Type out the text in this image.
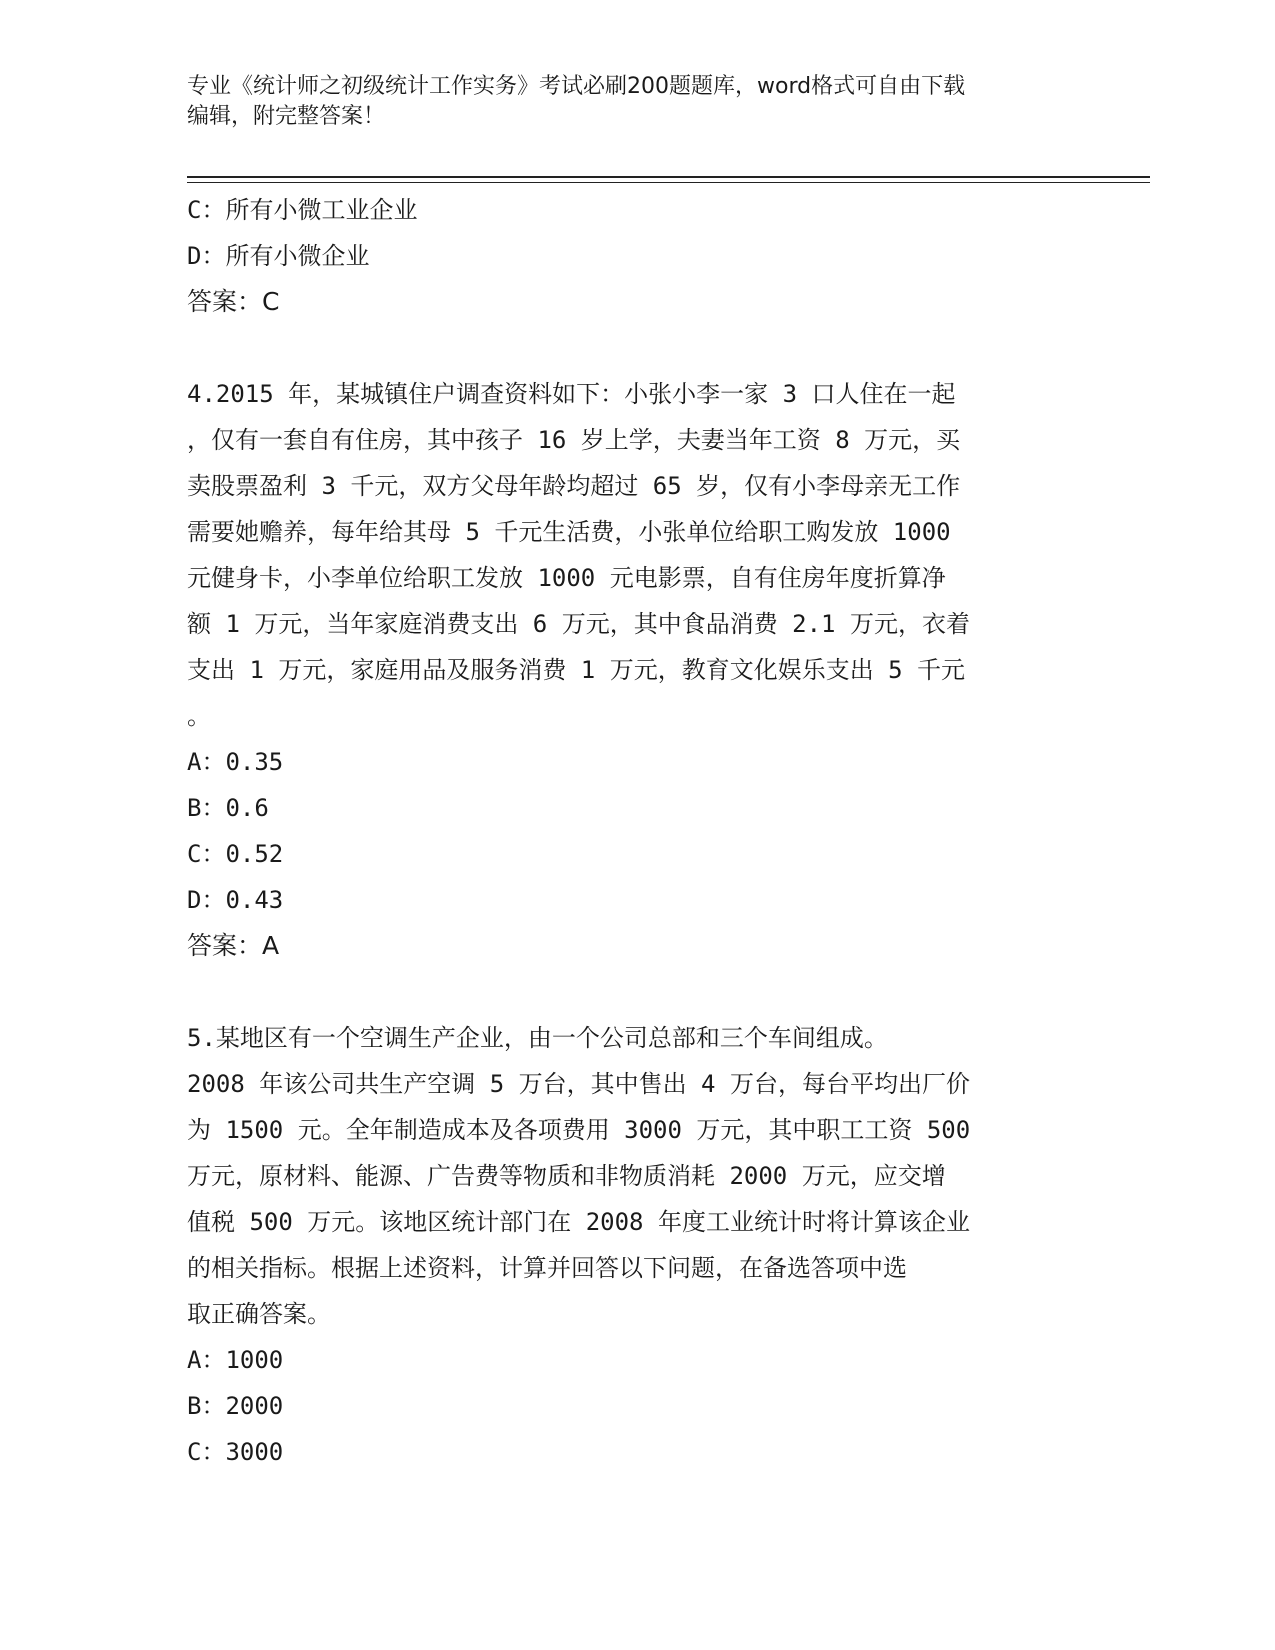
专业《统计师之初级统计工作实务》考试必刷200题题库，word格式可自由下载
编辑，附完整答案！
C：所有小微工业企业
D：所有小微企业
答案：C
4.2015 年，某城镇住户调查资料如下：小张小李一家 3 口人住在一起
，仅有一套自有住房，其中孩子 16 岁上学，夫妻当年工资 8 万元，买
卖股票盈利 3 千元，双方父母年龄均超过 65 岁，仅有小李母亲无工作
需要她赡养，每年给其母 5 千元生活费，小张单位给职工购发放 1000
元健身卡，小李单位给职工发放 1000 元电影票，自有住房年度折算净
额 1 万元，当年家庭消费支出 6 万元，其中食品消费 2.1 万元，衣着
支出 1 万元，家庭用品及服务消费 1 万元，教育文化娱乐支出 5 千元
。
A：0.35
B：0.6
C：0.52
D：0.43
答案：A
5.某地区有一个空调生产企业，由一个公司总部和三个车间组成。
2008 年该公司共生产空调 5 万台，其中售出 4 万台，每台平均出厂价
为 1500 元。全年制造成本及各项费用 3000 万元，其中职工工资 500
万元，原材料、能源、广告费等物质和非物质消耗 2000 万元，应交增
值税 500 万元。该地区统计部门在 2008 年度工业统计时将计算该企业
的相关指标。根据上述资料，计算并回答以下问题，在备选答项中选
取正确答案。
A：1000
B：2000
C：3000
